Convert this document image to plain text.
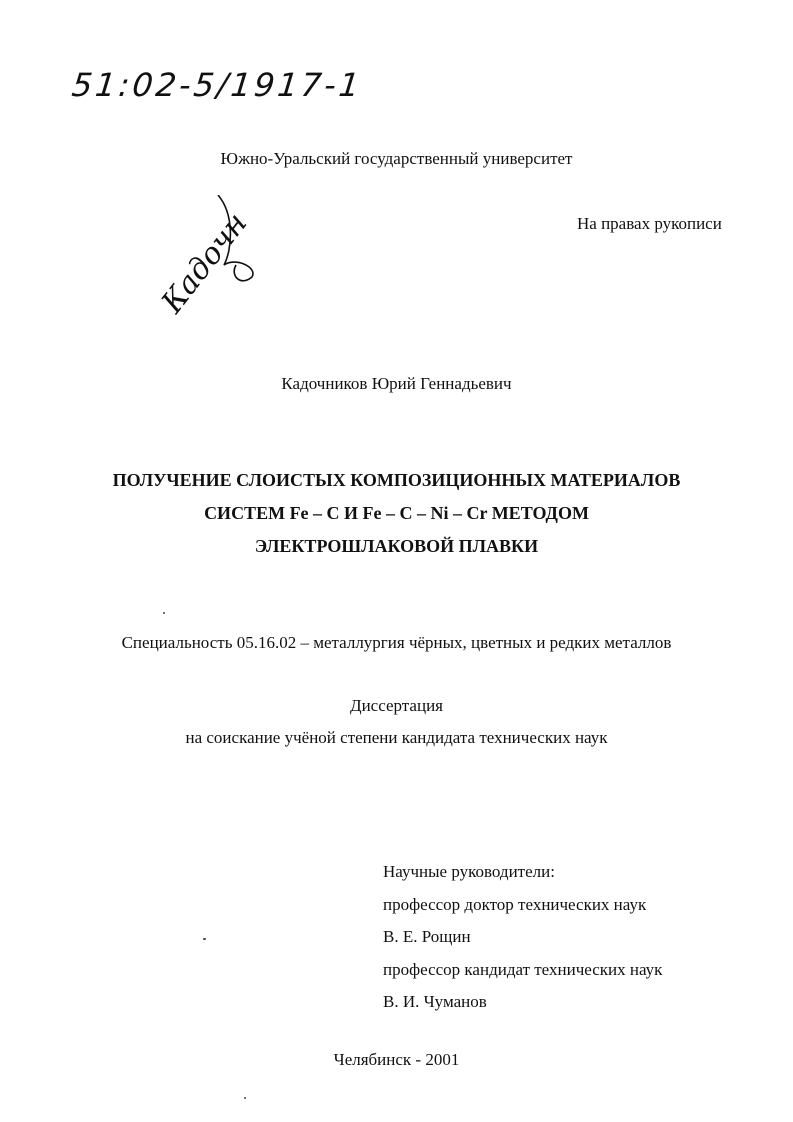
51:02-5/1917-1
Южно-Уральский государственный университет
На правах рукописи
Кадочн
Кадочников Юрий Геннадьевич
ПОЛУЧЕНИЕ СЛОИСТЫХ КОМПОЗИЦИОННЫХ МАТЕРИАЛОВ
СИСТЕМ Fe – C И Fe – C – Ni – Cr МЕТОДОМ
ЭЛЕКТРОШЛАКОВОЙ ПЛАВКИ
Специальность 05.16.02 – металлургия чёрных, цветных и редких металлов
Диссертация
на соискание учёной степени кандидата технических наук
Научные руководители:
профессор доктор технических наук
В. Е. Рощин
профессор кандидат технических наук
В. И. Чуманов
Челябинск - 2001
